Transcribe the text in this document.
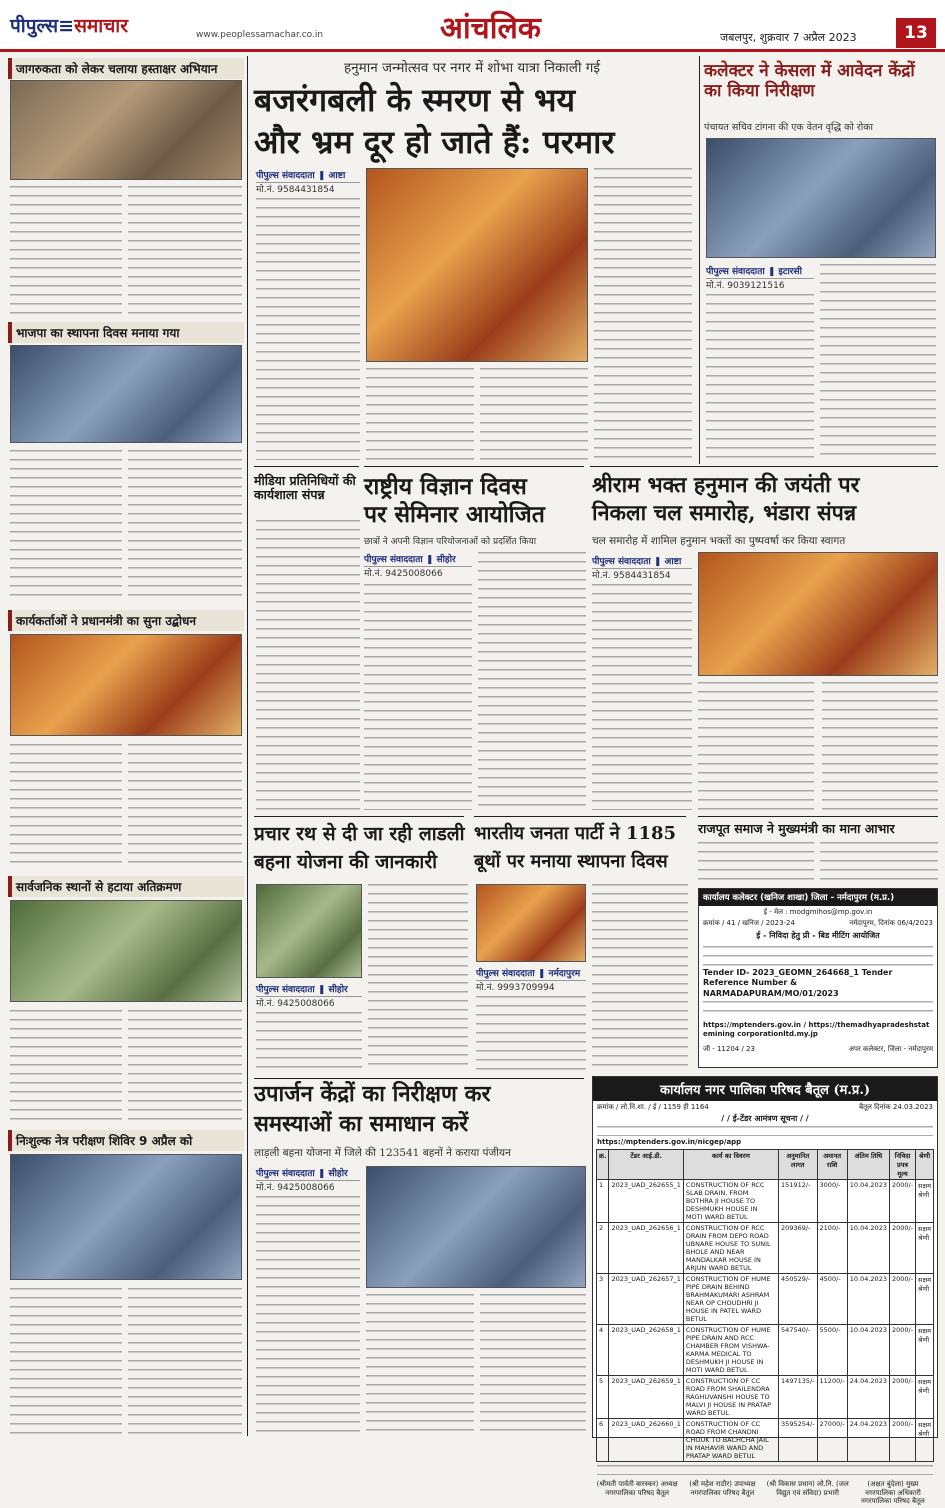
पीपुल्स≡समाचार	www.peoplessamachar.co.in	आंचलिक	जबलपुर, शुक्रवार 7 अप्रैल 2023	13
जागरुकता को लेकर चलाया हस्ताक्षर अभियान
भाजपा का स्थापना दिवस मनाया गया
कार्यकर्ताओं ने प्रधानमंत्री का सुना उद्बोधन
सार्वजनिक स्थानों से हटाया अतिक्रमण
निःशुल्क नेत्र परीक्षण शिविर 9 अप्रैल को
हनुमान जन्मोत्सव पर नगर में शोभा यात्रा निकाली गई
बजरंगबली के स्मरण से भय
और भ्रम दूर हो जाते हैं: परमार
पीपुल्स संवाददाता ❚ आष्टा
मो.नं. 9584431854
मीडिया प्रतिनिधियों की कार्यशाला संपन्न	राष्ट्रीय विज्ञान दिवस
पर सेमिनार आयोजित
छात्रों ने अपनी विज्ञान परियोजनाओं को प्रदर्शित किया
पीपुल्स संवाददाता ❚ सीहोर
मो.नं. 9425008066
कलेक्टर ने केसला में आवेदन केंद्रों का किया निरीक्षण
पंचायत सचिव टांगना की एक वेतन वृद्धि को रोका
पीपुल्स संवाददाता ❚ इटारसी
मो.नं. 9039121516
श्रीराम भक्त हनुमान की जयंती पर
निकला चल समारोह, भंडारा संपन्न
चल समारोह में शामिल हनुमान भक्तों का पुष्पवर्षा कर किया स्वागत
पीपुल्स संवाददाता ❚ आष्टा
मो.नं. 9584431854
प्रचार रथ से दी जा रही लाडली
बहना योजना की जानकारी
पीपुल्स संवाददाता ❚ सीहोर
मो.नं. 9425008066
भारतीय जनता पार्टी ने 1185
बूथों पर मनाया स्थापना दिवस
पीपुल्स संवाददाता ❚ नर्मदापुरम
मो.नं. 9993709994
राजपूत समाज ने मुख्यमंत्री का माना आभार
कार्यालय कलेक्टर (खनिज शाखा) जिला - नर्मदापुरम (म.प्र.)
ई - मेल : modgmihos@mp.gov.in
क्रमांक / 41 / खनिज / 2023-24	नर्मदापुरम, दिनांक 06/4/2023
ई - निविदा हेतु प्री - बिड मीटिंग आयोजित
Tender ID- 2023_GEOMN_264668_1 Tender Reference Number & NARMADAPURAM/MO/01/2023
https://mptenders.gov.in / https://themadhyapradeshstatemining corporationltd.my.jp
जी - 11204 / 23	अपर कलेक्टर, जिला - नर्मदापुरम
उपार्जन केंद्रों का निरीक्षण कर
समस्याओं का समाधान करें
लाड़ली बहना योजना में जिले की 123541 बहनों ने कराया पंजीयन
पीपुल्स संवाददाता ❚ सीहोर
मो.नं. 9425008066
कार्यालय नगर पालिका परिषद बैतूल (म.प्र.)
क्रमांक / लो.नि.शा. / ई / 1159 ही 1164	बैतूल दिनांक 24.03.2023
/ / ई-टेंडर आमंत्रण सूचना / /
https://mptenders.gov.in/nicgep/app
क्र.	टेंडर आई.डी.	कार्य का विवरण	अनुमानित लागत	अमानत राशि	अंतिम तिथि	निविदा प्रपत्र मूल्य	श्रेणी
1	2023_UAD_262655_1	CONSTRUCTION OF RCC SLAB DRAIN, FROM BOTHRA JI HOUSE TO DESHMUKH HOUSE IN MOTI WARD BETUL	151912/-	3000/-	10.04.2023	2000/-	सक्षम श्रेणी
2	2023_UAD_262656_1	CONSTRUCTION OF RCC DRAIN FROM DEPO ROAD UBNARE HOUSE TO SUNIL BHOLE AND NEAR MANDALKAR HOUSE IN ARJUN WARD BETUL	209369/-	2100/-	10.04.2023	2000/-	सक्षम श्रेणी
3	2023_UAD_262657_1	CONSTRUCTION OF HUME PIPE DRAIN BEHIND BRAHMAKUMARI ASHRAM NEAR OP CHOUDHRI JI HOUSE IN PATEL WARD BETUL	450529/-	4500/-	10.04.2023	2000/-	सक्षम श्रेणी
4	2023_UAD_262658_1	CONSTRUCTION OF HUME PIPE DRAIN AND RCC CHAMBER FROM VISHWA-KARMA MEDICAL TO DESHMUKH JI HOUSE IN MOTI WARD BETUL	547540/-	5500/-	10.04.2023	2000/-	सक्षम श्रेणी
5	2023_UAD_262659_1	CONSTRUCTION OF CC ROAD FROM SHAILENDRA RAGHUVANSHI HOUSE TO MALVI JI HOUSE IN PRATAP WARD BETUL	1497135/-	11200/-	24.04.2023	2000/-	सक्षम श्रेणी
6	2023_UAD_262660_1	CONSTRUCTION OF CC ROAD FROM CHANDNI CHOUK TO BACHCHA JAIL IN MAHAVIR WARD AND PRATAP WARD BETUL	3595254/-	27000/-	24.04.2023	2000/-	सक्षम श्रेणी
(श्रीमती पार्वती बारस्कर) अध्यक्ष नगरपालिका परिषद बैतूल
(श्री महेश राठौर) उपाध्यक्ष नगरपालिका परिषद बैतूल
(श्री विकास प्रधान) लो.नि. (जल विद्युत एवं संविदा) प्रभारी
(अक्षत बुंदेला) मुख्य नगरपालिका अधिकारी नगरपालिका परिषद बैतूल
